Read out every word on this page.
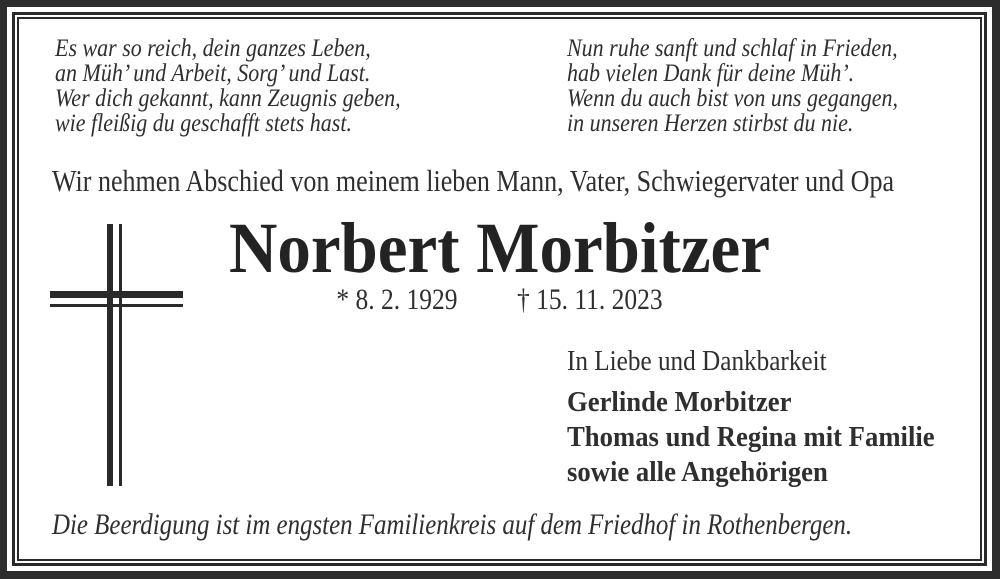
Es war so reich, dein ganzes Leben,
an Müh’ und Arbeit, Sorg’ und Last.
Wer dich gekannt, kann Zeugnis geben,
wie fleißig du geschafft stets hast.
Nun ruhe sanft und schlaf in Frieden,
hab vielen Dank für deine Müh’.
Wenn du auch bist von uns gegangen,
in unseren Herzen stirbst du nie.
Wir nehmen Abschied von meinem lieben Mann, Vater, Schwiegervater und Opa
Norbert Morbitzer
* 8. 2. 1929 † 15. 11. 2023
In Liebe und Dankbarkeit
Gerlinde Morbitzer
Thomas und Regina mit Familie
sowie alle Angehörigen
Die Beerdigung ist im engsten Familienkreis auf dem Friedhof in Rothenbergen.
